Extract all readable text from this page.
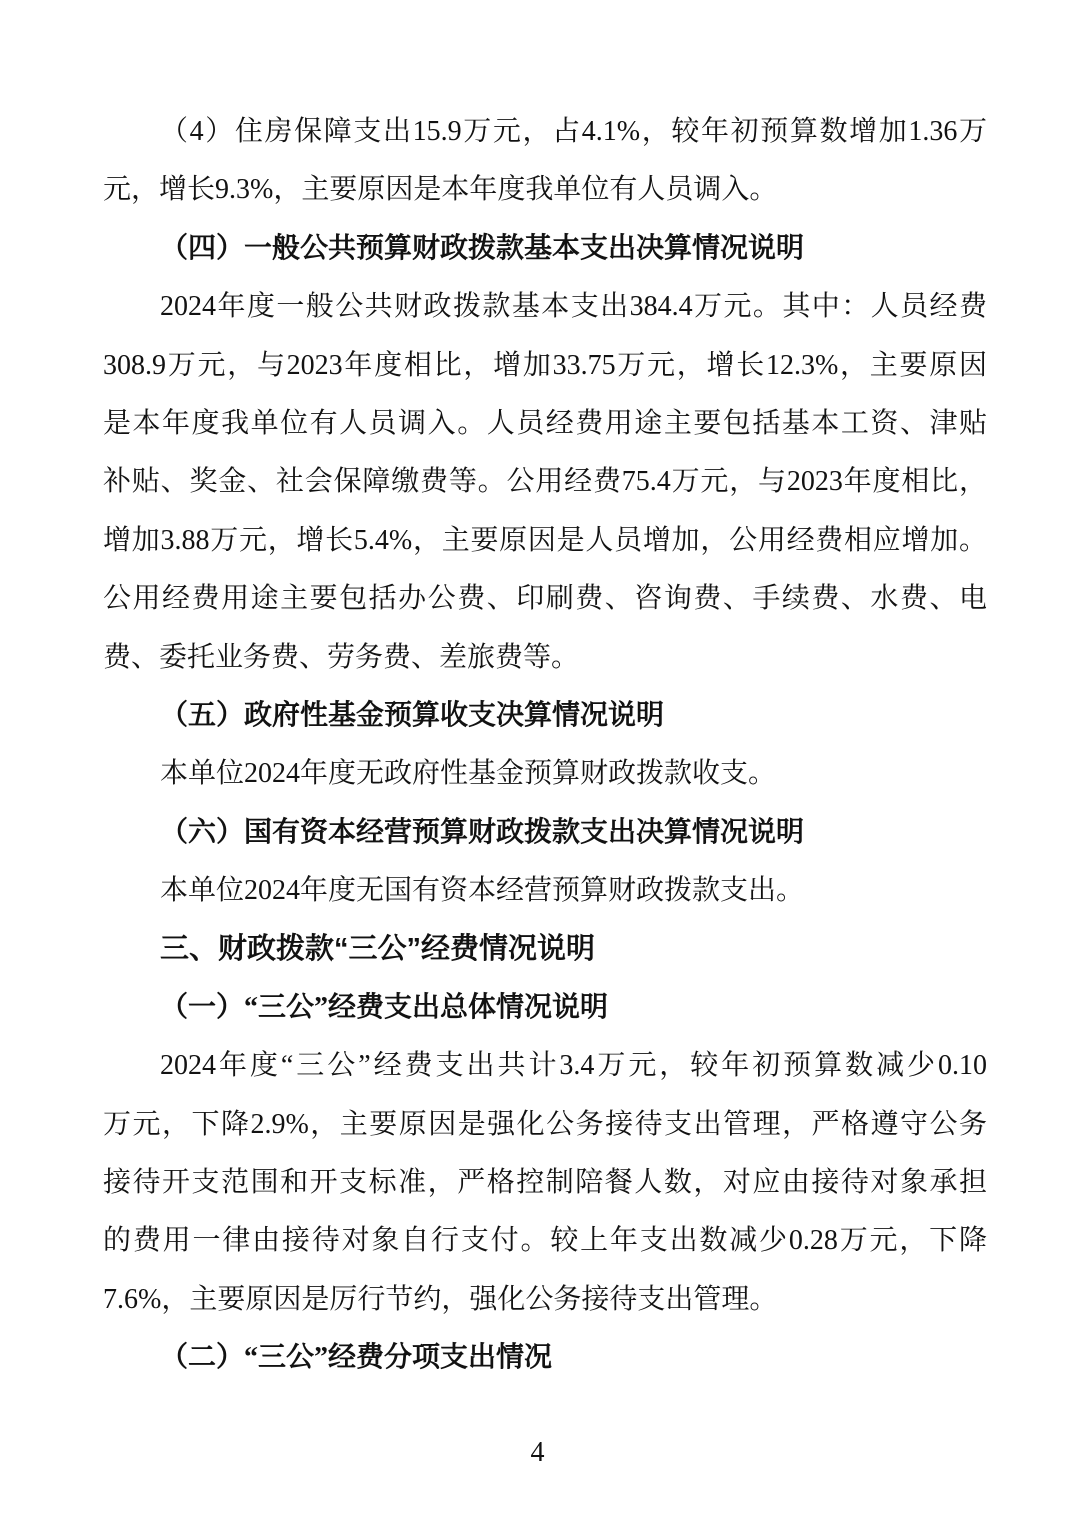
（4）住房保障支出15.9万元，占4.1%，较年初预算数增加1.36万
元，增长9.3%，主要原因是本年度我单位有人员调入。
（四）一般公共预算财政拨款基本支出决算情况说明
2024年度一般公共财政拨款基本支出384.4万元。其中：人员经费
308.9万元，与2023年度相比，增加33.75万元，增长12.3%，主要原因
是本年度我单位有人员调入。人员经费用途主要包括基本工资、津贴
补贴、奖金、社会保障缴费等。公用经费75.4万元，与2023年度相比，
增加3.88万元，增长5.4%，主要原因是人员增加，公用经费相应增加。
公用经费用途主要包括办公费、印刷费、咨询费、手续费、水费、电
费、委托业务费、劳务费、差旅费等。
（五）政府性基金预算收支决算情况说明
本单位2024年度无政府性基金预算财政拨款收支。
（六）国有资本经营预算财政拨款支出决算情况说明
本单位2024年度无国有资本经营预算财政拨款支出。
三、财政拨款“三公”经费情况说明
（一）“三公”经费支出总体情况说明
2024年度“三公”经费支出共计3.4万元，较年初预算数减少0.10
万元，下降2.9%，主要原因是强化公务接待支出管理，严格遵守公务
接待开支范围和开支标准，严格控制陪餐人数，对应由接待对象承担
的费用一律由接待对象自行支付。较上年支出数减少0.28万元，下降
7.6%，主要原因是厉行节约，强化公务接待支出管理。
（二）“三公”经费分项支出情况
4
